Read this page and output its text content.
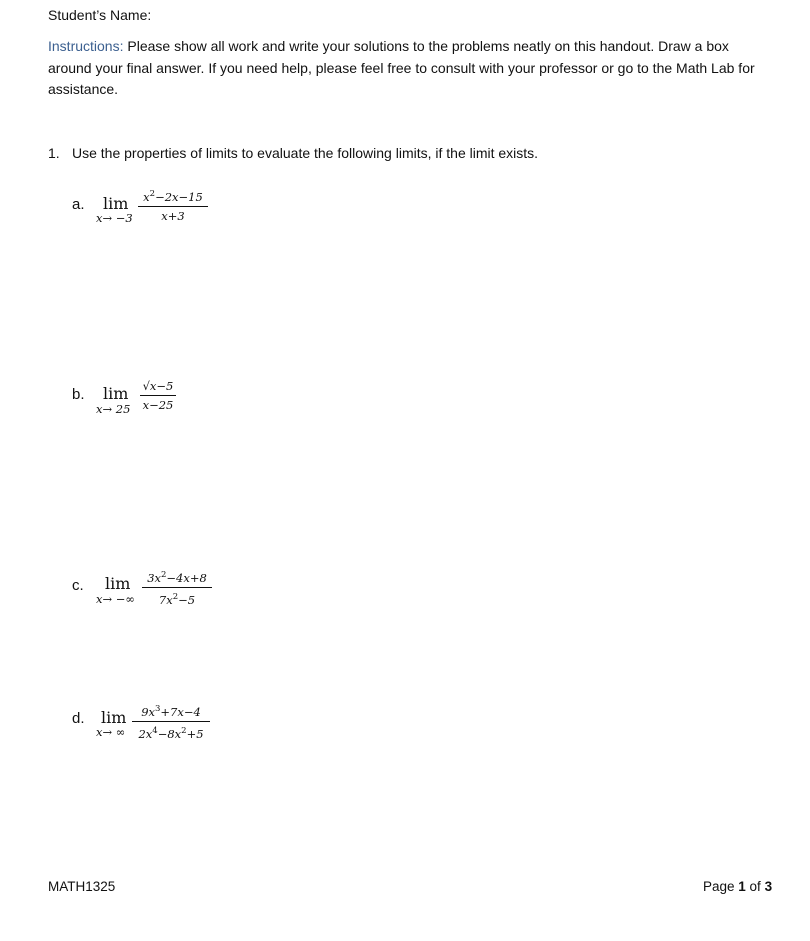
Student’s Name:
Instructions: Please show all work and write your solutions to the problems neatly on this handout. Draw a box around your final answer. If you need help, please feel free to consult with your professor or go to the Math Lab for assistance.
1. Use the properties of limits to evaluate the following limits, if the limit exists.
a. lim
x→ −3
$x^2-2x-15$
x+3
b. lim
x→ 25
√x−5
x−25
c. lim
x→ −∞
$3x^2-4x+8$
$7x^2-5$
d. lim
x→ ∞
$9x^3+7x-4$
$2x^4-8x^2+5$
MATH1325	Page 1 of 3
